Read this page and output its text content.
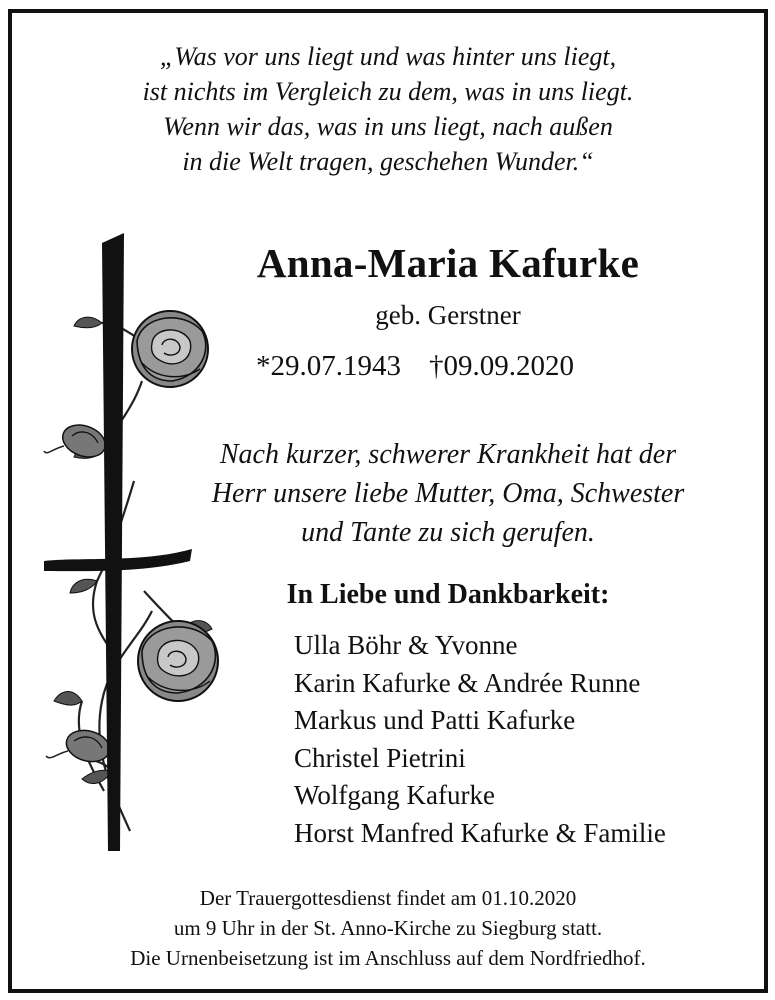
„Was vor uns liegt und was hinter uns liegt,
ist nichts im Vergleich zu dem, was in uns liegt.
Wenn wir das, was in uns liegt, nach außen
in die Welt tragen, geschehen Wunder.“
Anna-Maria Kafurke
geb. Gerstner
*29.07.1943 †09.09.2020
Nach kurzer, schwerer Krankheit hat der
Herr unsere liebe Mutter, Oma, Schwester
und Tante zu sich gerufen.
In Liebe und Dankbarkeit:
Ulla Böhr & Yvonne
Karin Kafurke & Andrée Runne
Markus und Patti Kafurke
Christel Pietrini
Wolfgang Kafurke
Horst Manfred Kafurke & Familie
Der Trauergottesdienst findet am 01.10.2020
um 9 Uhr in der St. Anno-Kirche zu Siegburg statt.
Die Urnenbeisetzung ist im Anschluss auf dem Nordfriedhof.
